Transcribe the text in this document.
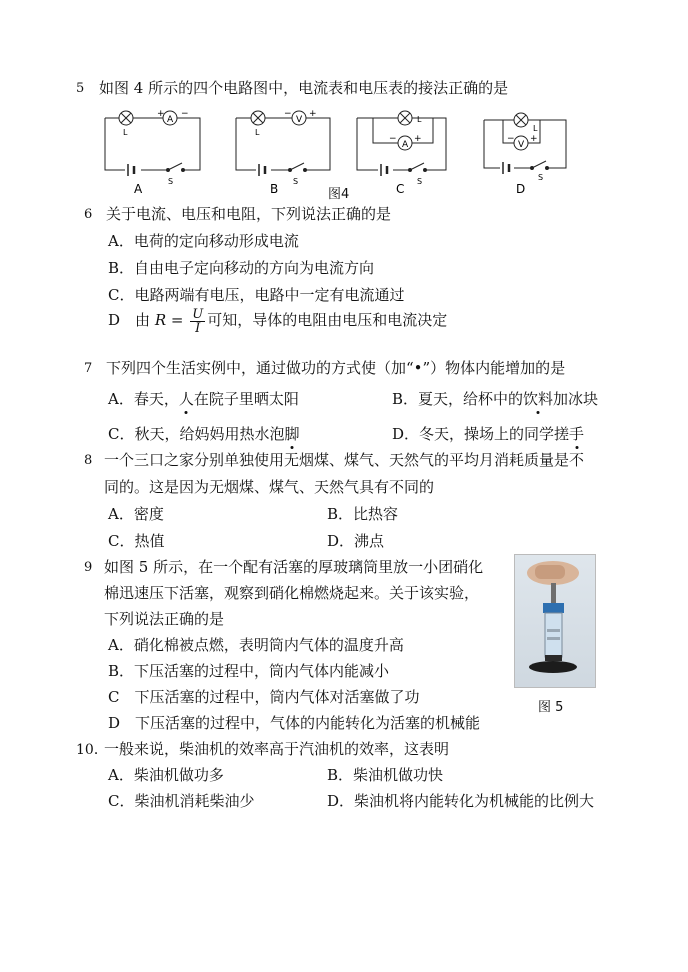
5 如图 4 所示的四个电路图中，电流表和电压表的接法正确的是
A
+ −
L
S
A
V
− +
L
S
B
A
− +
L
S
C
V
− +
L
S
D
图4
6 关于电流、电压和电阻，下列说法正确的是
A．电荷的定向移动形成电流
B．自由电子定向移动的方向为电流方向
C．电路两端有电压，电路中一定有电流通过
D　由 $R = \frac{U}{I}$ 可知，导体的电阻由电压和电流决定
7 下列四个生活实例中，通过做功的方式使（加“•”）物体内能增加的是
A．春天，人在院子里晒太阳	B．夏天，给杯中的饮料加冰块
C．秋天，给妈妈用热水泡脚	D．冬天，操场上的同学搓手
8 一个三口之家分别单独使用无烟煤、煤气、天然气的平均月消耗质量是不
同的。这是因为无烟煤、煤气、天然气具有不同的
A．密度	B．比热容
C．热值	D．沸点
9 如图 5 所示，在一个配有活塞的厚玻璃筒里放一小团硝化
棉迅速压下活塞，观察到硝化棉燃烧起来。关于该实验，
下列说法正确的是
A．硝化棉被点燃，表明筒内气体的温度升高
B．下压活塞的过程中，筒内气体内能减小
C　下压活塞的过程中，筒内气体对活塞做了功
D　下压活塞的过程中，气体的内能转化为活塞的机械能
图 5
10．
一般来说，柴油机的效率高于汽油机的效率，这表明
A．柴油机做功多	B．柴油机做功快
C．柴油机消耗柴油少	D．柴油机将内能转化为机械能的比例大
